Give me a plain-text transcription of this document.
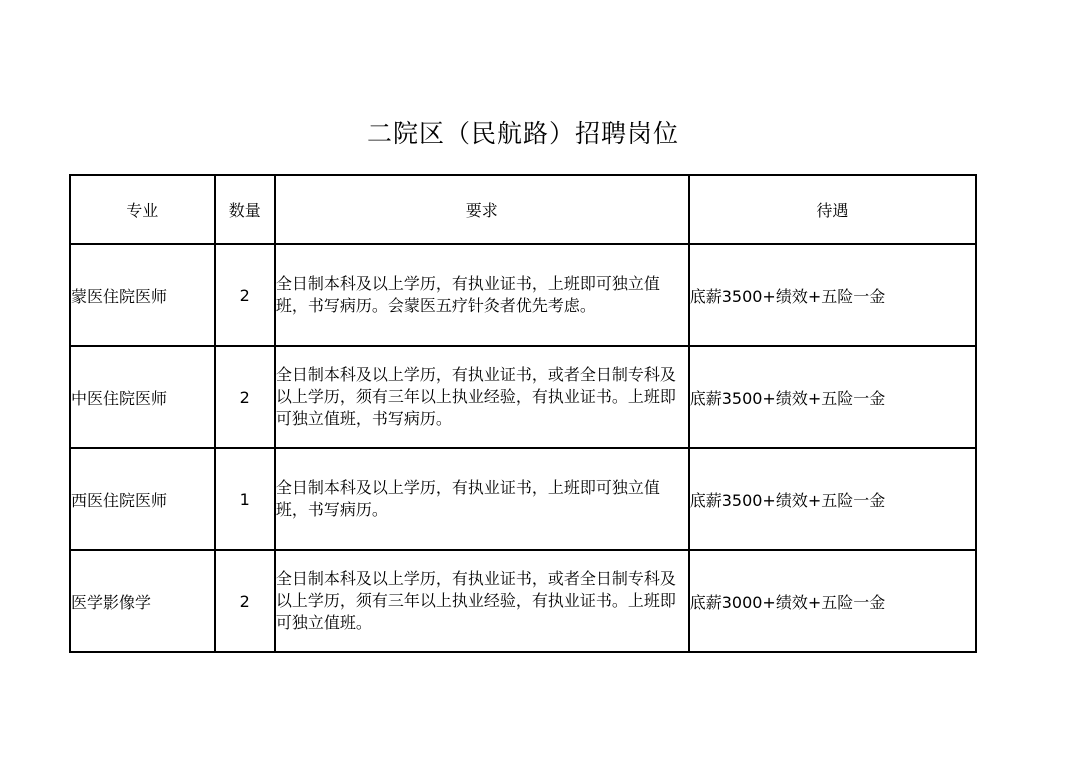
二院区（民航路）招聘岗位
专业	数量	要求	待遇
蒙医住院医师	2	全日制本科及以上学历，有执业证书，上班即可独立值班，书写病历。会蒙医五疗针灸者优先考虑。	底薪3500+绩效+五险一金
中医住院医师	2	全日制本科及以上学历，有执业证书，或者全日制专科及以上学历，须有三年以上执业经验，有执业证书。上班即可独立值班，书写病历。	底薪3500+绩效+五险一金
西医住院医师	1	全日制本科及以上学历，有执业证书，上班即可独立值班，书写病历。	底薪3500+绩效+五险一金
医学影像学	2	全日制本科及以上学历，有执业证书，或者全日制专科及以上学历，须有三年以上执业经验，有执业证书。上班即可独立值班。	底薪3000+绩效+五险一金
